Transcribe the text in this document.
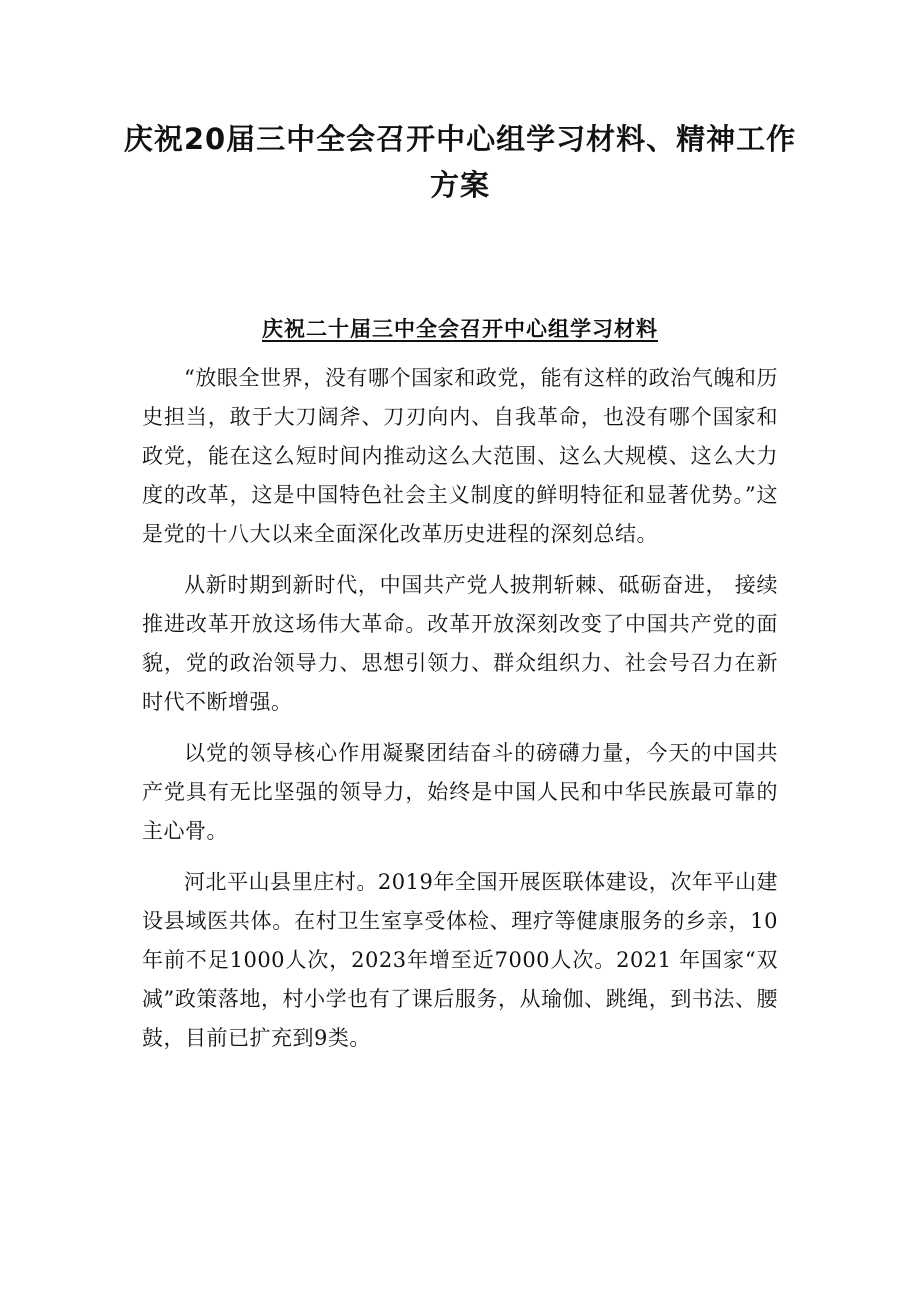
庆祝20届三中全会召开中心组学习材料、精神工作方案
庆祝二十届三中全会召开中心组学习材料

“放眼全世界，没有哪个国家和政党，能有这样的政治气魄和历史担当，敢于大刀阔斧、刀刃向内、自我革命，也没有哪个国家和政党，能在这么短时间内推动这么大范围、这么大规模、这么大力度的改革，这是中国特色社会主义制度的鲜明特征和显著优势。”这是党的十八大以来全面深化改革历史进程的深刻总结。

从新时期到新时代，中国共产党人披荆斩棘、砥砺奋进， 接续推进改革开放这场伟大革命。改革开放深刻改变了中国共产党的面貌，党的政治领导力、思想引领力、群众组织力、社会号召力在新时代不断增强。

以党的领导核心作用凝聚团结奋斗的磅礴力量，今天的中国共产党具有无比坚强的领导力，始终是中国人民和中华民族最可靠的主心骨。

河北平山县里庄村。2019年全国开展医联体建设，次年平山建设县域医共体。在村卫生室享受体检、理疗等健康服务的乡亲，10年前不足1000人次，2023年增至近7000人次。2021 年国家“双减”政策落地，村小学也有了课后服务，从瑜伽、跳绳，到书法、腰鼓，目前已扩充到9类。
